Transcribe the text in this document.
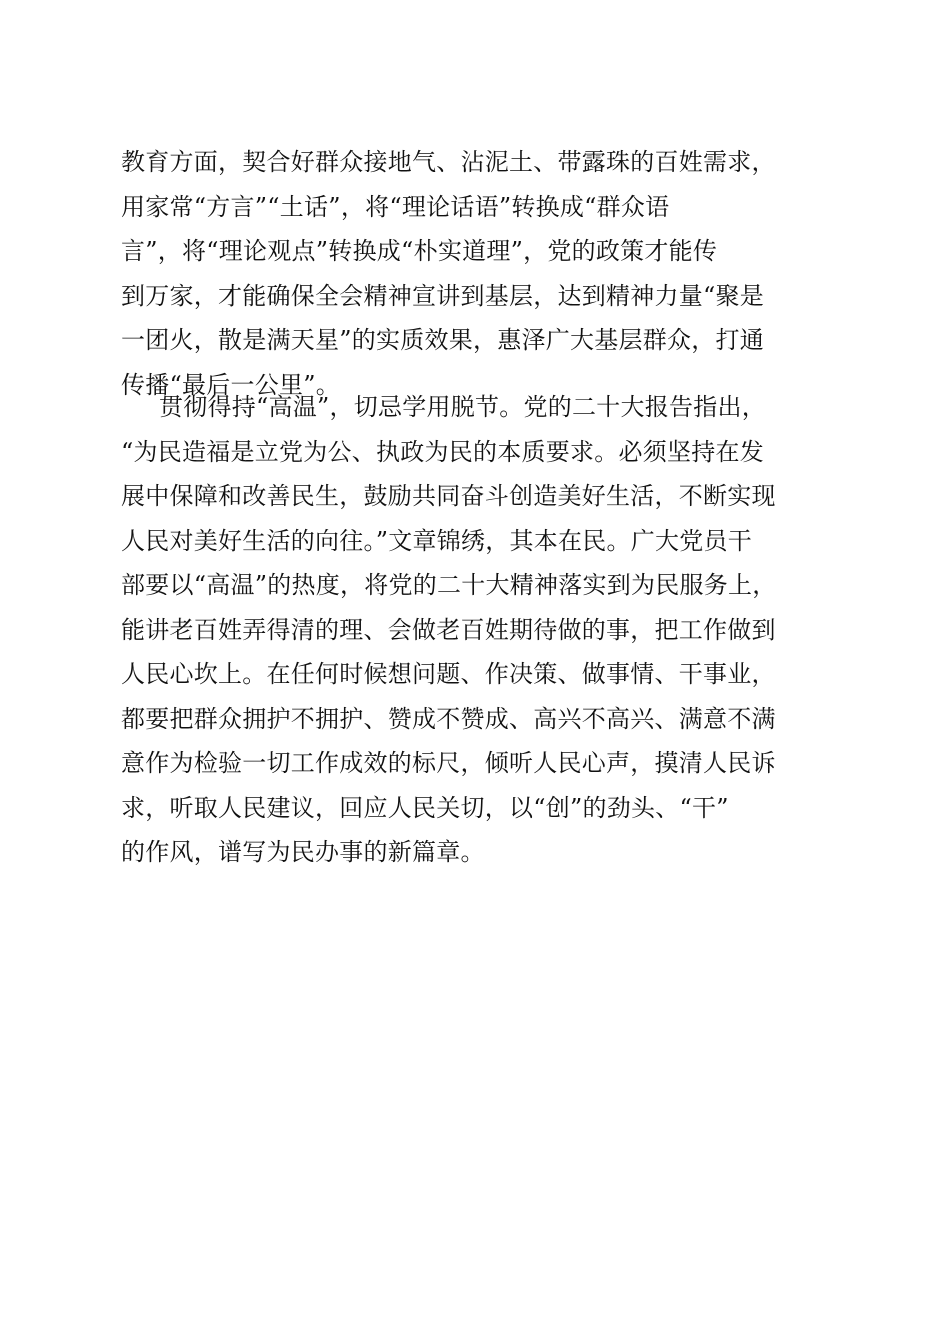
教育方面，契合好群众接地气、沾泥土、带露珠的百姓需求，
用家常“方言”“土话”，将“理论话语”转换成“群众语
言”，将“理论观点”转换成“朴实道理”，党的政策才能传
到万家，才能确保全会精神宣讲到基层，达到精神力量“聚是
一团火，散是满天星”的实质效果，惠泽广大基层群众，打通
传播“最后一公里”。
贯彻得持“高温”，切忌学用脱节。党的二十大报告指出，
“为民造福是立党为公、执政为民的本质要求。必须坚持在发
展中保障和改善民生，鼓励共同奋斗创造美好生活，不断实现
人民对美好生活的向往。”文章锦绣，其本在民。广大党员干
部要以“高温”的热度，将党的二十大精神落实到为民服务上，
能讲老百姓弄得清的理、会做老百姓期待做的事，把工作做到
人民心坎上。在任何时候想问题、作决策、做事情、干事业，
都要把群众拥护不拥护、赞成不赞成、高兴不高兴、满意不满
意作为检验一切工作成效的标尺，倾听人民心声，摸清人民诉
求，听取人民建议，回应人民关切，以“创”的劲头、“干”
的作风，谱写为民办事的新篇章。
